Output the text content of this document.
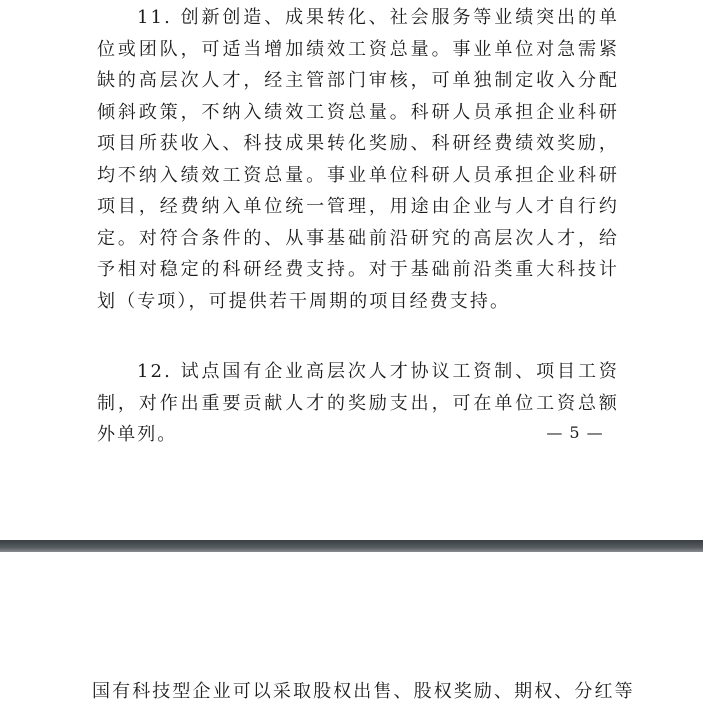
11. 创新创造、成果转化、社会服务等业绩突出的单位或团队，可适当增加绩效工资总量。事业单位对急需紧缺的高层次人才，经主管部门审核，可单独制定收入分配倾斜政策，不纳入绩效工资总量。科研人员承担企业科研项目所获收入、科技成果转化奖励、科研经费绩效奖励，均不纳入绩效工资总量。事业单位科研人员承担企业科研项目，经费纳入单位统一管理，用途由企业与人才自行约定。对符合条件的、从事基础前沿研究的高层次人才，给予相对稳定的科研经费支持。对于基础前沿类重大科技计划（专项），可提供若干周期的项目经费支持。

12. 试点国有企业高层次人才协议工资制、项目工资制，对作出重要贡献人才的奖励支出，可在单位工资总额外单列。	— 5 —

国有科技型企业可以采取股权出售、股权奖励、期权、分红等
